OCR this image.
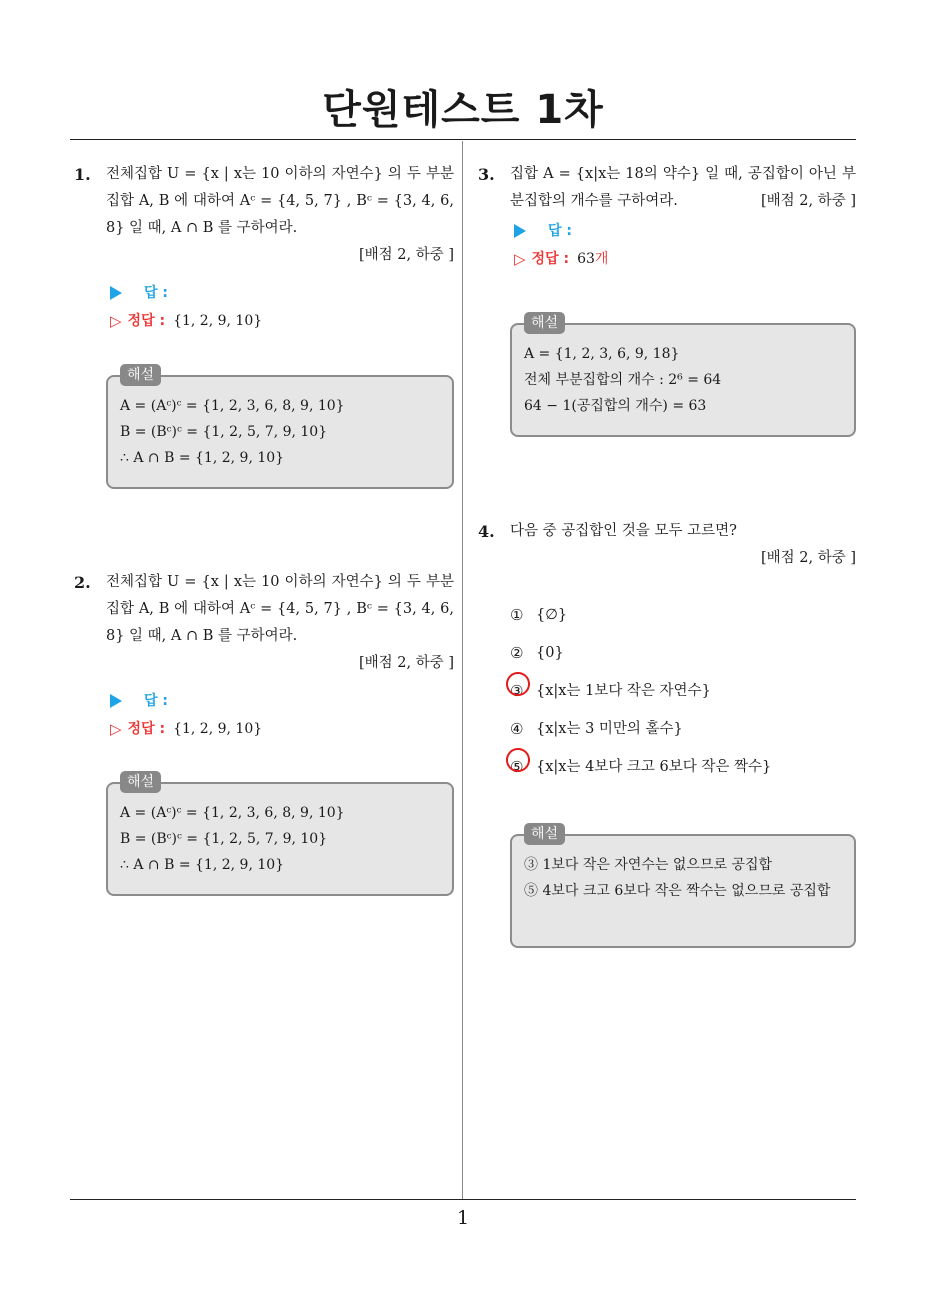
단원테스트 1차
1. 전체집합 U = {x | x는 10 이하의 자연수} 의 두 부분집합 A, B 에 대하여 Aᶜ = {4, 5, 7} , Bᶜ = {3, 4, 6, 8} 일 때, A ∩ B 를 구하여라.
[배점 2, 하중 ]
답 :
▷ 정답 : {1, 2, 9, 10}
해설
A = (Aᶜ)ᶜ = {1, 2, 3, 6, 8, 9, 10}
B = (Bᶜ)ᶜ = {1, 2, 5, 7, 9, 10}
∴ A ∩ B = {1, 2, 9, 10}
2. 전체집합 U = {x | x는 10 이하의 자연수} 의 두 부분집합 A, B 에 대하여 Aᶜ = {4, 5, 7} , Bᶜ = {3, 4, 6, 8} 일 때, A ∩ B 를 구하여라.
[배점 2, 하중 ]
답 :
▷ 정답 : {1, 2, 9, 10}
해설
A = (Aᶜ)ᶜ = {1, 2, 3, 6, 8, 9, 10}
B = (Bᶜ)ᶜ = {1, 2, 5, 7, 9, 10}
∴ A ∩ B = {1, 2, 9, 10}
3. 집합 A = {x|x는 18의 약수} 일 때, 공집합이 아닌 부분집합의 개수를 구하여라.	[배점 2, 하중 ]
답 :
▷ 정답 : 63 개
해설
A = {1, 2, 3, 6, 9, 18}
전체 부분집합의 개수 : 2⁶ = 64
64 − 1(공집합의 개수) = 63
4. 다음 중 공집합인 것을 모두 고르면?
[배점 2, 하중 ]
① {∅}
② {0}
③ {x|x는 1보다 작은 자연수}
④ {x|x는 3 미만의 홀수}
⑤ {x|x는 4보다 크고 6보다 작은 짝수}
해설
③ 1보다 작은 자연수는 없으므로 공집합
⑤ 4보다 크고 6보다 작은 짝수는 없으므로 공집합
1
